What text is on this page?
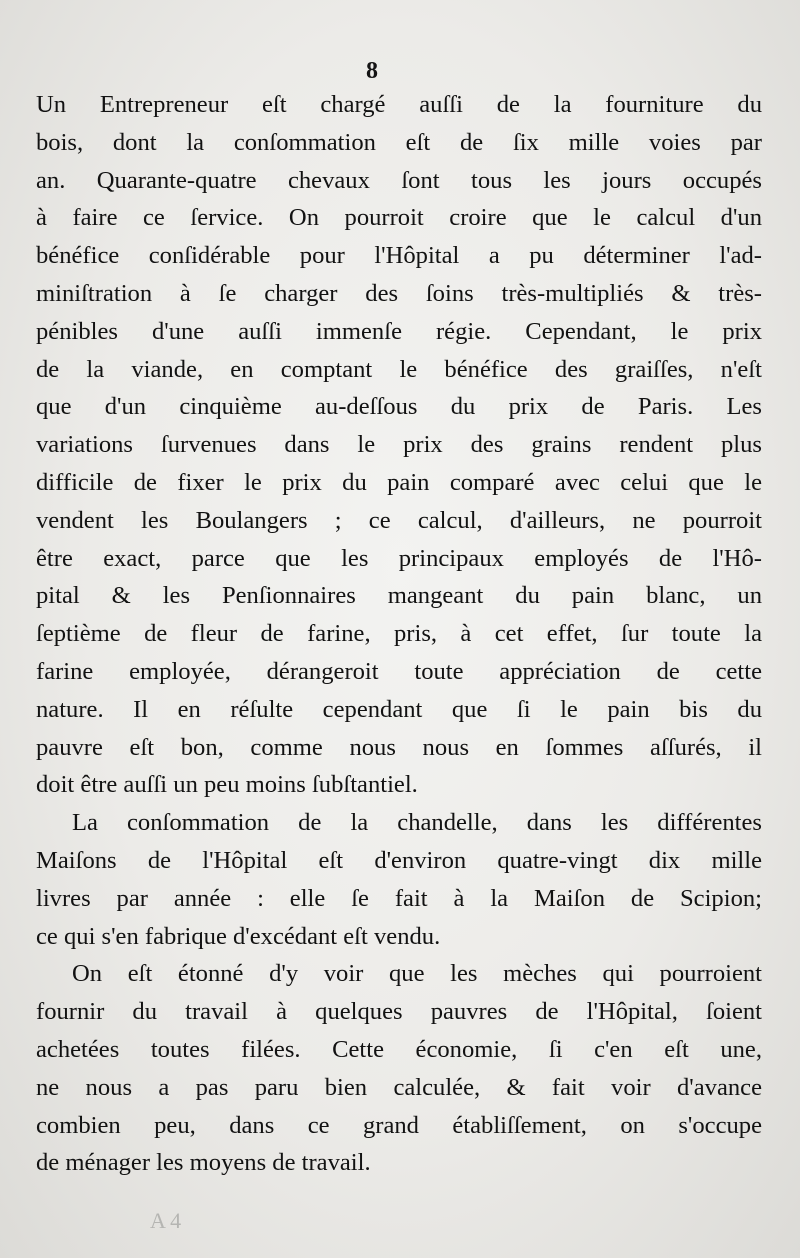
8
Un Entrepreneur eſt chargé auſſi de la fourniture du
bois, dont la conſommation eſt de ſix mille voies par
an. Quarante-quatre chevaux ſont tous les jours occupés
à faire ce ſervice. On pourroit croire que le calcul d'un
bénéfice conſidérable pour l'Hôpital a pu déterminer l'ad-
miniſtration à ſe charger des ſoins très-multipliés & très-
pénibles d'une auſſi immenſe régie. Cependant, le prix
de la viande, en comptant le bénéfice des graiſſes, n'eſt
que d'un cinquième au-deſſous du prix de Paris. Les
variations ſurvenues dans le prix des grains rendent plus
difficile de fixer le prix du pain comparé avec celui que le
vendent les Boulangers ; ce calcul, d'ailleurs, ne pourroit
être exact, parce que les principaux employés de l'Hô-
pital & les Penſionnaires mangeant du pain blanc, un
ſeptième de fleur de farine, pris, à cet effet, ſur toute la
farine employée, dérangeroit toute appréciation de cette
nature. Il en réſulte cependant que ſi le pain bis du
pauvre eſt bon, comme nous nous en ſommes aſſurés, il
doit être auſſi un peu moins ſubſtantiel.
La conſommation de la chandelle, dans les différentes
Maiſons de l'Hôpital eſt d'environ quatre-vingt dix mille
livres par année : elle ſe fait à la Maiſon de Scipion;
ce qui s'en fabrique d'excédant eſt vendu.
On eſt étonné d'y voir que les mèches qui pourroient
fournir du travail à quelques pauvres de l'Hôpital, ſoient
achetées toutes filées. Cette économie, ſi c'en eſt une,
ne nous a pas paru bien calculée, & fait voir d'avance
combien peu, dans ce grand établiſſement, on s'occupe
de ménager les moyens de travail.
A 4
